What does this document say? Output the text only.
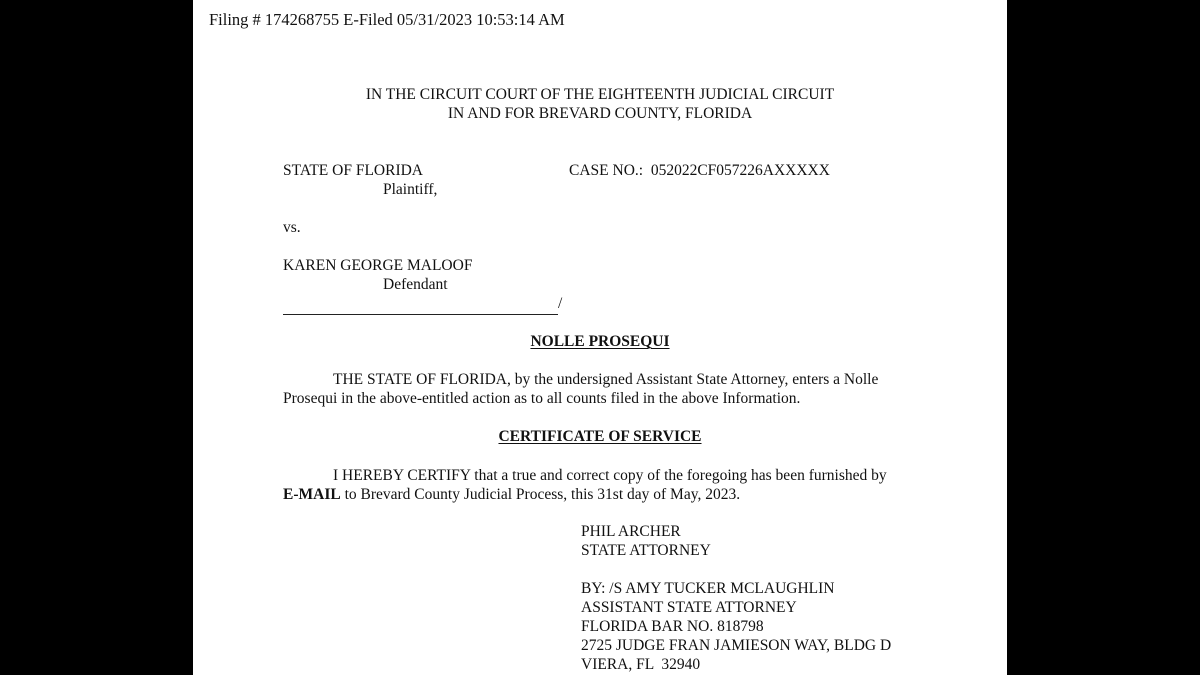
Filing # 174268755 E-Filed 05/31/2023 10:53:14 AM
IN THE CIRCUIT COURT OF THE EIGHTEENTH JUDICIAL CIRCUIT
IN AND FOR BREVARD COUNTY, FLORIDA
STATE OF FLORIDA
Plaintiff,
CASE NO.: 052022CF057226AXXXXX
vs.
KAREN GEORGE MALOOF
Defendant
/
NOLLE PROSEQUI
THE STATE OF FLORIDA, by the undersigned Assistant State Attorney, enters a Nolle
Prosequi in the above-entitled action as to all counts filed in the above Information.
CERTIFICATE OF SERVICE
I HEREBY CERTIFY that a true and correct copy of the foregoing has been furnished by
E-MAIL to Brevard County Judicial Process, this 31st day of May, 2023.
PHIL ARCHER
STATE ATTORNEY
BY: /S AMY TUCKER MCLAUGHLIN
ASSISTANT STATE ATTORNEY
FLORIDA BAR NO. 818798
2725 JUDGE FRAN JAMIESON WAY, BLDG D
VIERA, FL  32940
